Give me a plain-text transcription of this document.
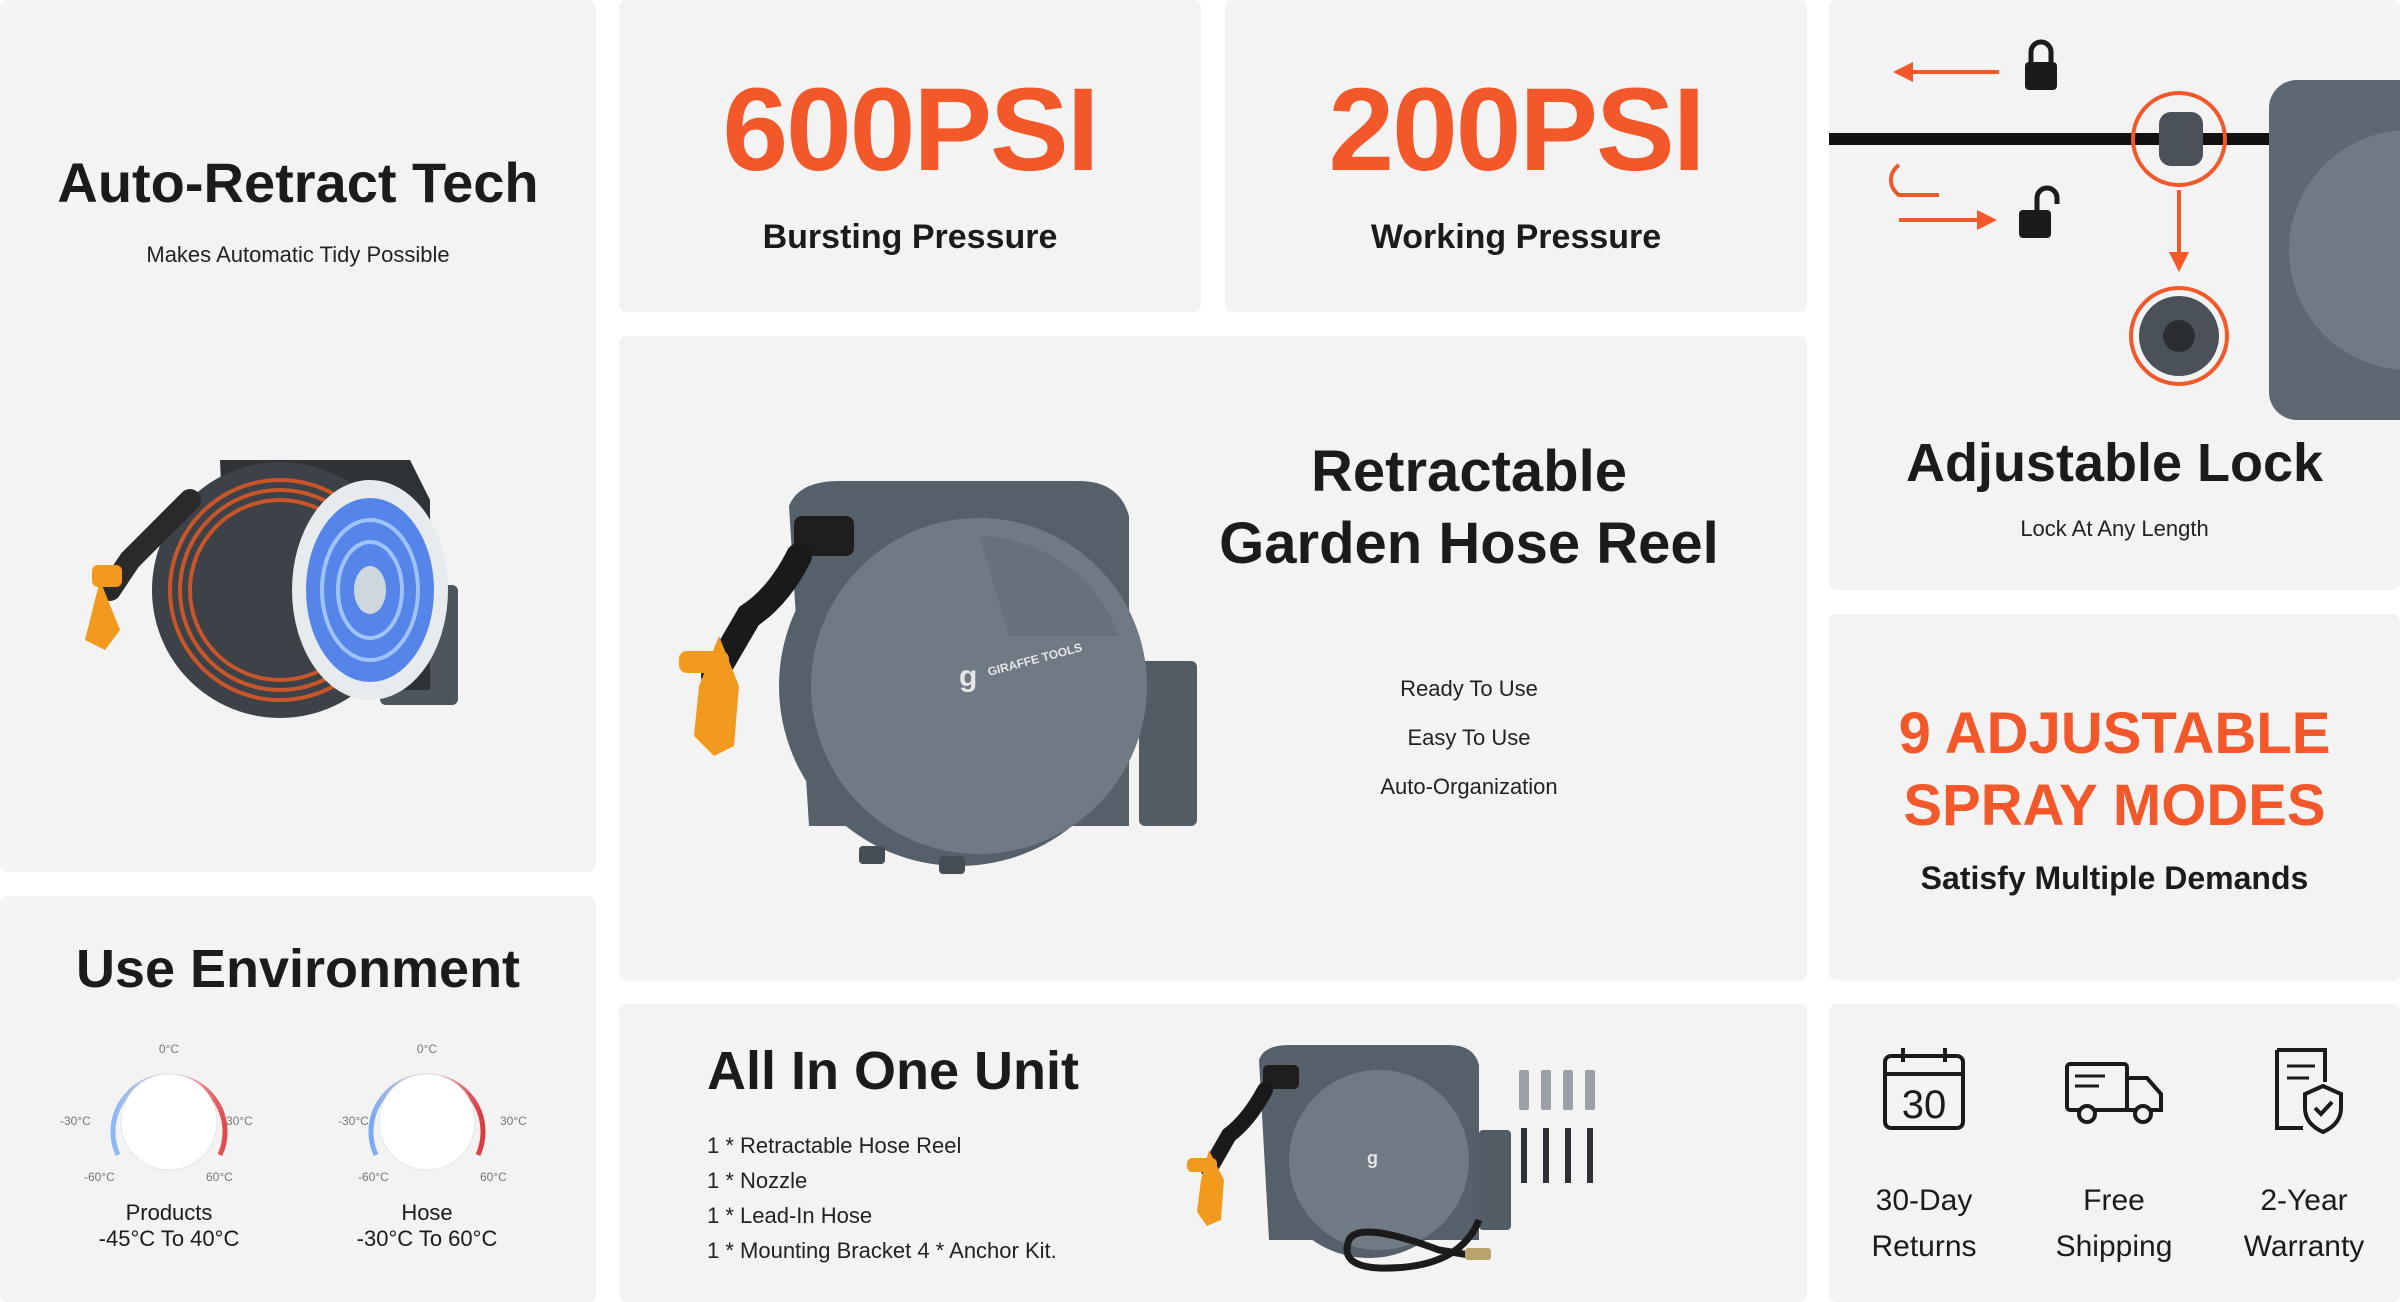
Auto-Retract Tech
Makes Automatic Tidy Possible
600PSI
Bursting Pressure
200PSI
Working Pressure
Adjustable Lock
Lock At Any Length
g GIRAFFE TOOLS
Retractable
Garden Hose Reel
Ready To Use
Easy To Use
Auto-Organization
9 ADJUSTABLE
SPRAY MODES
Satisfy Multiple Demands
Use Environment
0°C
-30°C	30°C
-60°C	60°C
Products
-45°C To 40°C
0°C
-30°C	30°C
-60°C	60°C
Hose
-30°C To 60°C
All In One Unit
1 * Retractable Hose Reel
1 * Nozzle
1 * Lead-In Hose
1 * Mounting Bracket 4 * Anchor Kit.
g
30
30-Day
Returns
Free
Shipping
2-Year
Warranty
